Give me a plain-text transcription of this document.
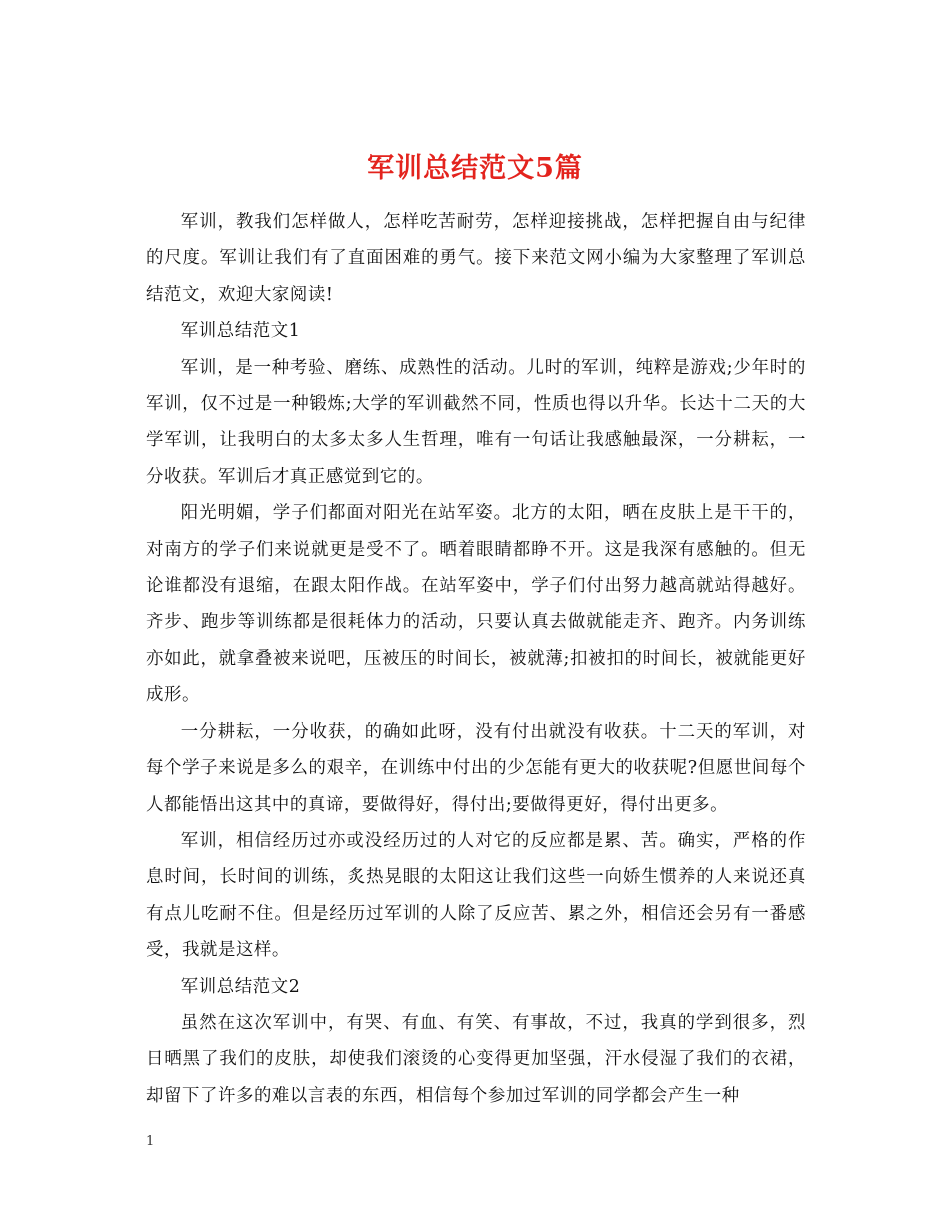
军训总结范文5篇

军训，教我们怎样做人，怎样吃苦耐劳，怎样迎接挑战，怎样把握自由与纪律的尺度。军训让我们有了直面困难的勇气。接下来范文网小编为大家整理了军训总结范文，欢迎大家阅读!

军训总结范文1

军训，是一种考验、磨练、成熟性的活动。儿时的军训，纯粹是游戏;少年时的军训，仅不过是一种锻炼;大学的军训截然不同，性质也得以升华。长达十二天的大学军训，让我明白的太多太多人生哲理，唯有一句话让我感触最深，一分耕耘，一分收获。军训后才真正感觉到它的。

阳光明媚，学子们都面对阳光在站军姿。北方的太阳，晒在皮肤上是干干的，对南方的学子们来说就更是受不了。晒着眼睛都睁不开。这是我深有感触的。但无论谁都没有退缩，在跟太阳作战。在站军姿中，学子们付出努力越高就站得越好。齐步、跑步等训练都是很耗体力的活动，只要认真去做就能走齐、跑齐。内务训练亦如此，就拿叠被来说吧，压被压的时间长，被就薄;扣被扣的时间长，被就能更好成形。

一分耕耘，一分收获，的确如此呀，没有付出就没有收获。十二天的军训，对每个学子来说是多么的艰辛，在训练中付出的少怎能有更大的收获呢?但愿世间每个人都能悟出这其中的真谛，要做得好，得付出;要做得更好，得付出更多。

军训，相信经历过亦或没经历过的人对它的反应都是累、苦。确实，严格的作息时间，长时间的训练，炙热晃眼的太阳这让我们这些一向娇生惯养的人来说还真有点儿吃耐不住。但是经历过军训的人除了反应苦、累之外，相信还会另有一番感受，我就是这样。

军训总结范文2

虽然在这次军训中，有哭、有血、有笑、有事故，不过，我真的学到很多，烈日晒黑了我们的皮肤，却使我们滚烫的心变得更加坚强，汗水侵湿了我们的衣裙，却留下了许多的难以言表的东西，相信每个参加过军训的同学都会产生一种

1
